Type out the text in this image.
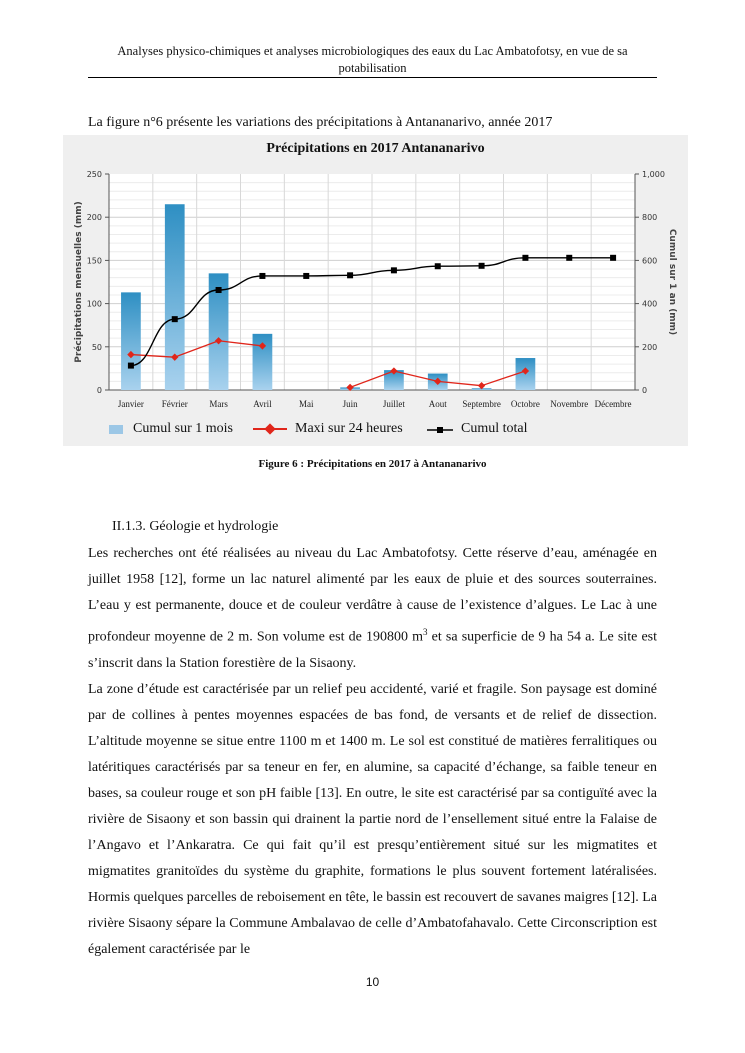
Analyses physico-chimiques et analyses microbiologiques des eaux du Lac Ambatofotsy, en vue de sa
potabilisation
La figure n°6 présente les variations des précipitations à Antananarivo, année 2017
Précipitations en 2017 Antananarivo
0
50
100
150
200
250
0
200
400
600
800
1,000
Précipitations mensuelles (mm)	Cumul sur 1 an (mm)
Janvier Février Mars	Avril	Mai	Juin	Juillet	Aout Septembre Octobre Novembre Décembre
Cumul sur 1 mois	Maxi sur 24 heures	Cumul total
Figure 6 : Précipitations en 2017 à Antananarivo
II.1.3. Géologie et hydrologie

Les recherches ont été réalisées au niveau du Lac Ambatofotsy. Cette réserve d’eau, aménagée en juillet 1958 [12], forme un lac naturel alimenté par les eaux de pluie et des sources souterraines. L’eau y est permanente, douce et de couleur verdâtre à cause de l’existence d’algues. Le Lac à une profondeur moyenne de 2 m. Son volume est de 190800 $m^3$ et sa superficie de 9 ha 54 a. Le site est s’inscrit dans la Station forestière de la Sisaony.

La zone d’étude est caractérisée par un relief peu accidenté, varié et fragile. Son paysage est dominé par de collines à pentes moyennes espacées de bas fond, de versants et de relief de dissection. L’altitude moyenne se situe entre 1100 m et 1400 m. Le sol est constitué de matières ferralitiques ou latéritiques caractérisés par sa teneur en fer, en alumine, sa capacité d’échange, sa faible teneur en bases, sa couleur rouge et son pH faible [13]. En outre, le site est caractérisé par sa contiguïté avec la rivière de Sisaony et son bassin qui drainent la partie nord de l’ensellement situé entre la Falaise de l’Angavo et l’Ankaratra. Ce qui fait qu’il est presqu’entièrement situé sur les migmatites et migmatites granitoïdes du système du graphite, formations le plus souvent fortement latéralisées. Hormis quelques parcelles de reboisement en tête, le bassin est recouvert de savanes maigres [12]. La rivière Sisaony sépare la Commune Ambalavao de celle d’Ambatofahavalo. Cette Circonscription est également caractérisée par le

10
